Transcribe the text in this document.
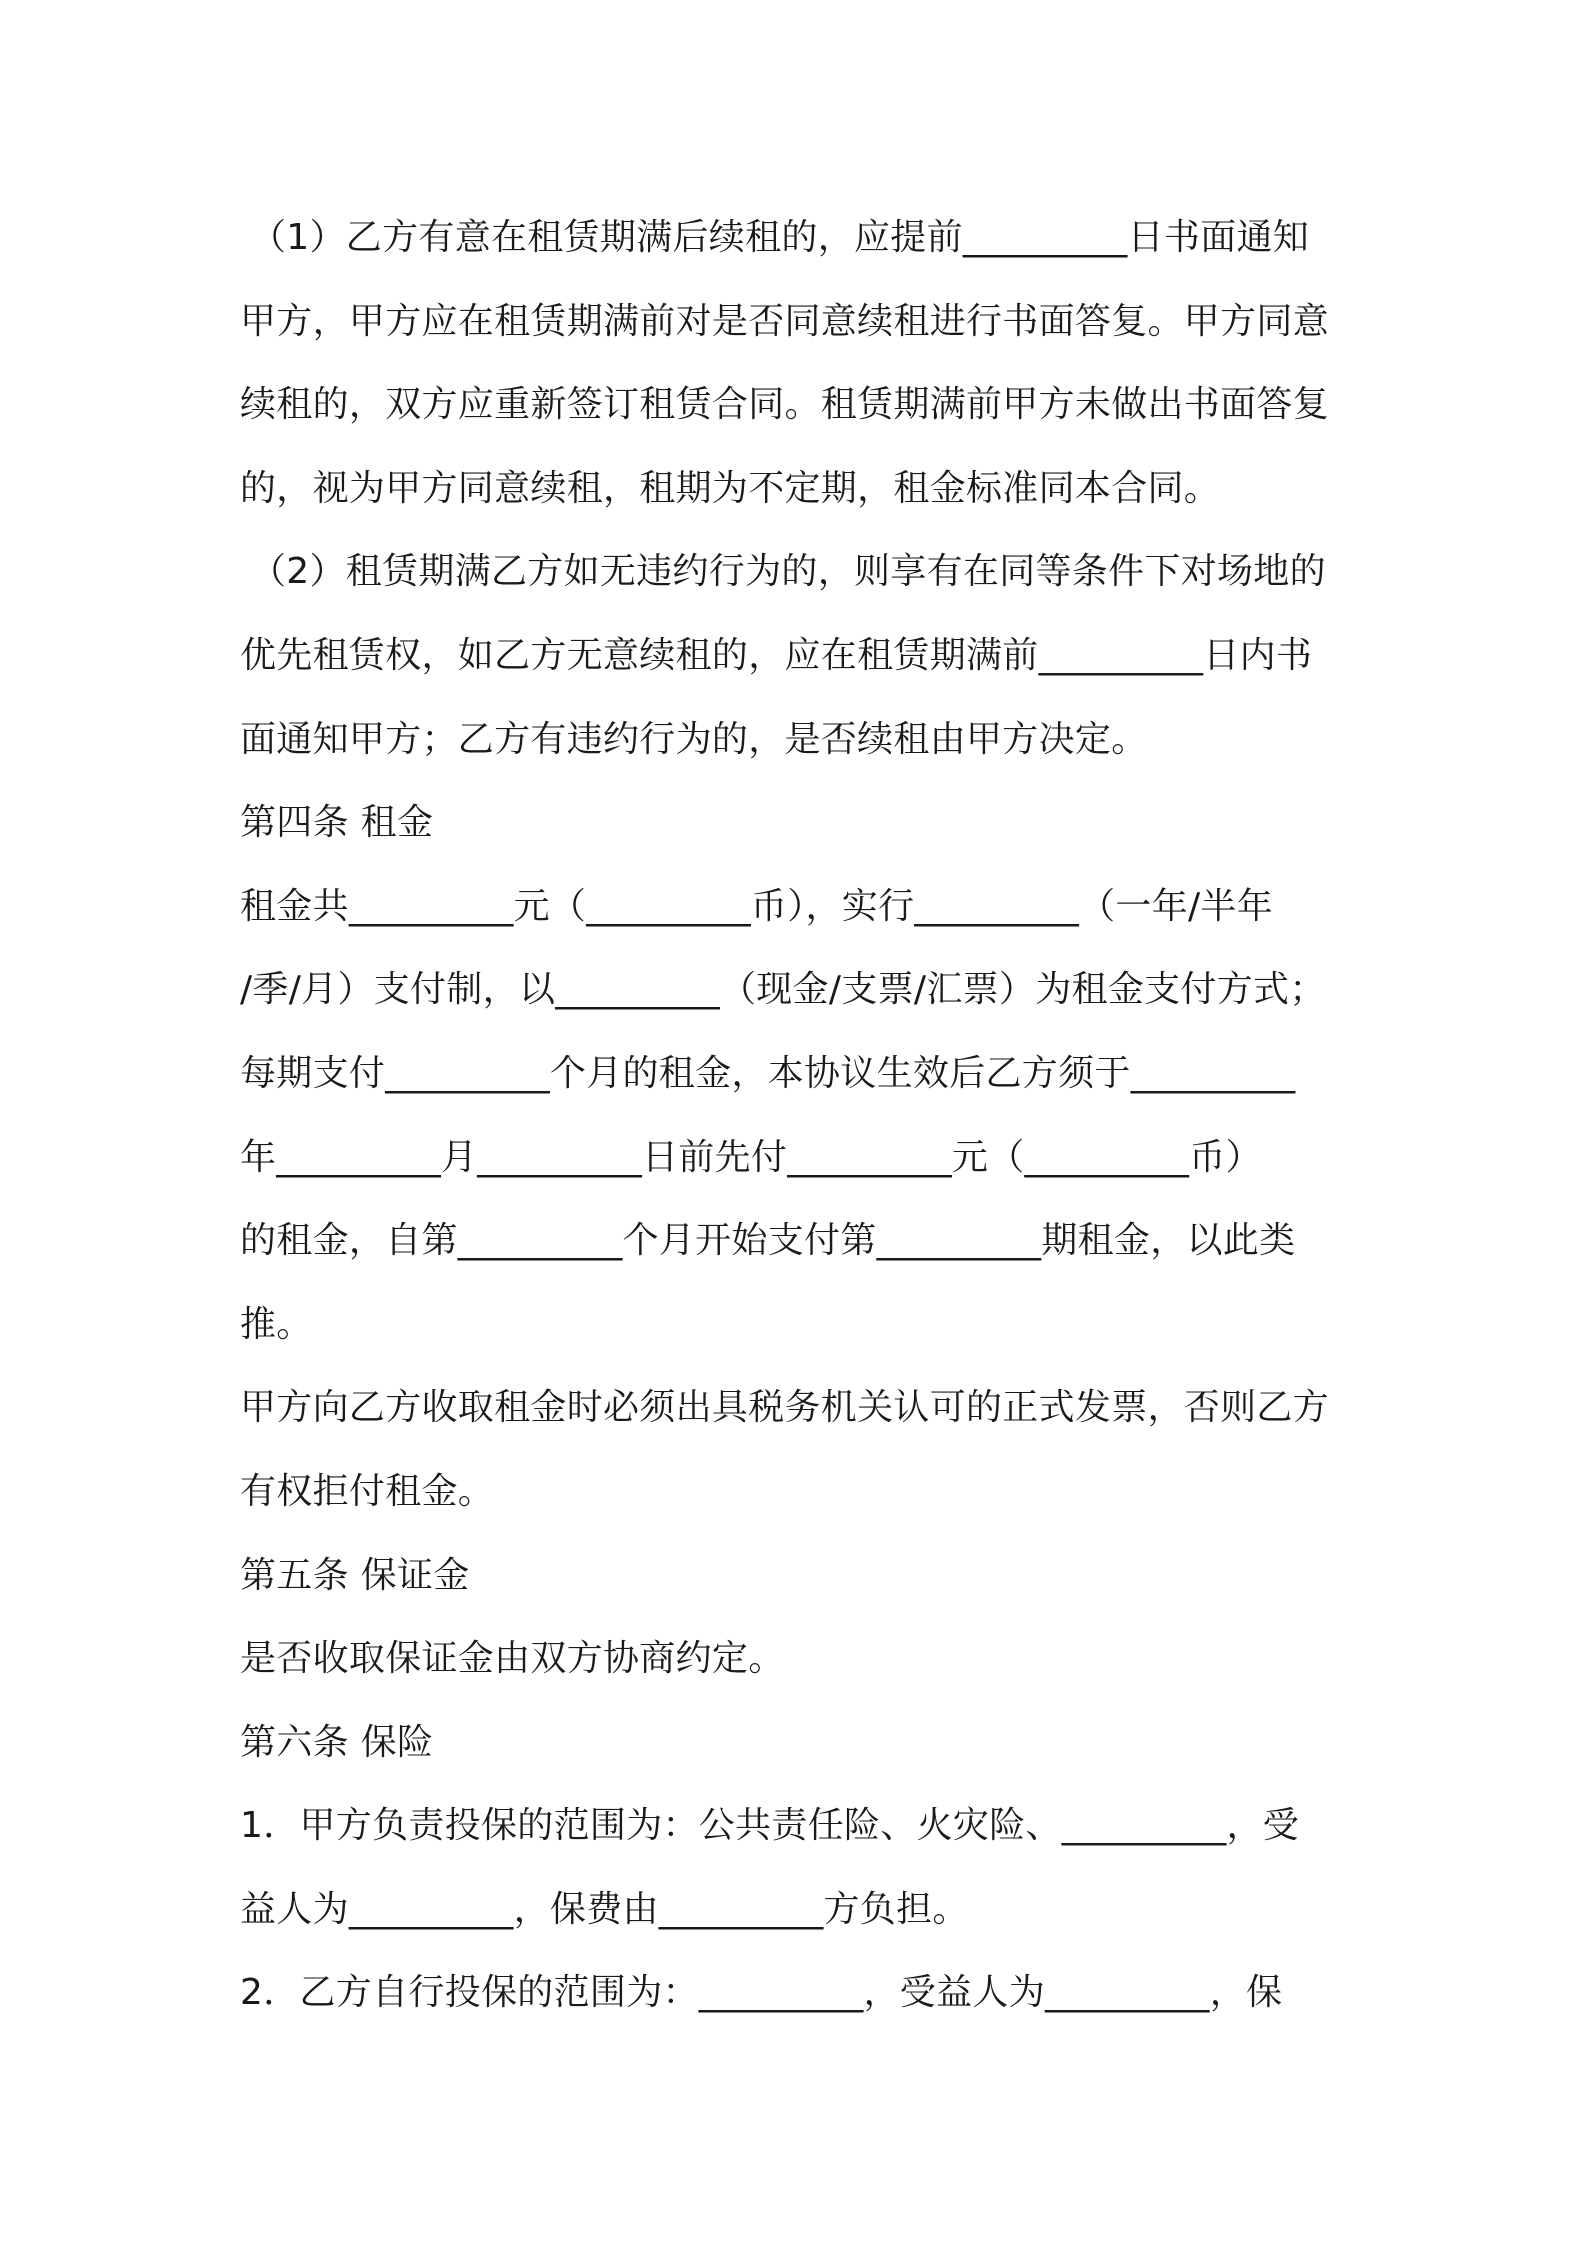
（1）乙方有意在租赁期满后续租的，应提前_________日书面通知
甲方，甲方应在租赁期满前对是否同意续租进行书面答复。甲方同意
续租的，双方应重新签订租赁合同。租赁期满前甲方未做出书面答复
的，视为甲方同意续租，租期为不定期，租金标准同本合同。
（2）租赁期满乙方如无违约行为的，则享有在同等条件下对场地的
优先租赁权，如乙方无意续租的，应在租赁期满前_________日内书
面通知甲方；乙方有违约行为的，是否续租由甲方决定。
第四条 租金
租金共_________元（_________币），实行_________（一年/半年
/季/月）支付制，以_________（现金/支票/汇票）为租金支付方式；
每期支付_________个月的租金，本协议生效后乙方须于_________
年_________月_________日前先付_________元（_________币）
的租金，自第_________个月开始支付第_________期租金，以此类
推。
甲方向乙方收取租金时必须出具税务机关认可的正式发票，否则乙方
有权拒付租金。
第五条 保证金
是否收取保证金由双方协商约定。
第六条 保险
1．甲方负责投保的范围为：公共责任险、火灾险、_________，受
益人为_________，保费由_________方负担。
2．乙方自行投保的范围为：_________，受益人为_________，保
